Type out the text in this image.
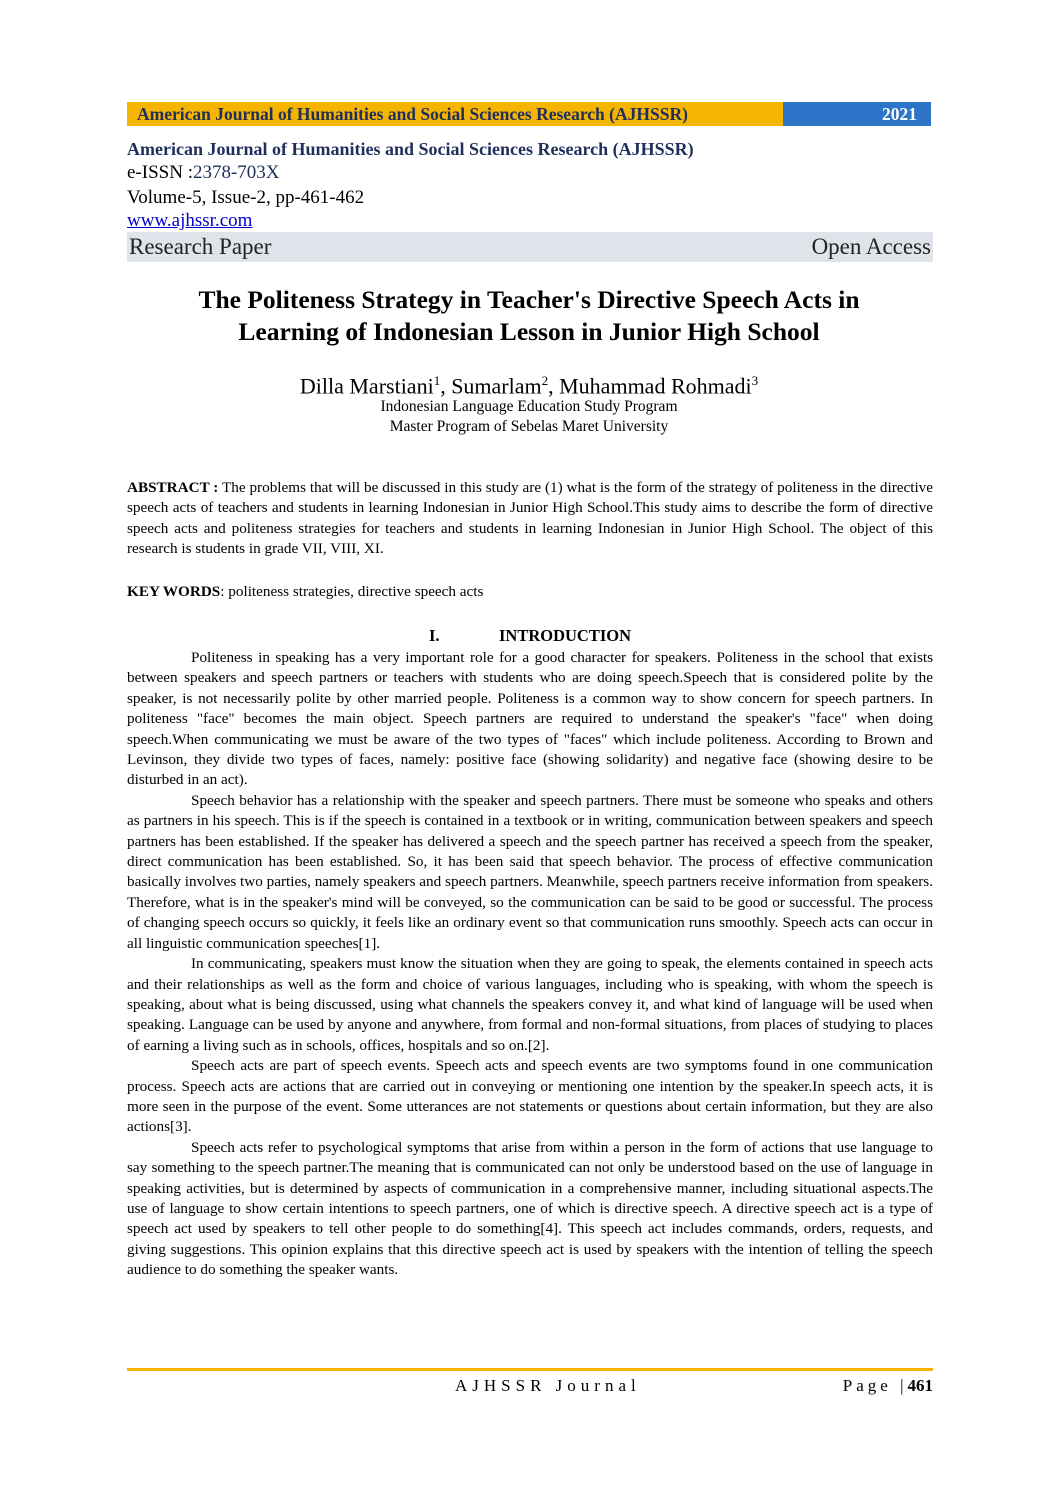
American Journal of Humanities and Social Sciences Research (AJHSSR)	2021
American Journal of Humanities and Social Sciences Research (AJHSSR)
e-ISSN :2378-703X
Volume-5, Issue-2, pp-461-462
www.ajhssr.com
Research Paper	Open Access
The Politeness Strategy in Teacher's Directive Speech Acts in
Learning of Indonesian Lesson in Junior High School
Dilla Marstiani$^1$, Sumarlam$^2$, Muhammad Rohmadi$^3$
Indonesian Language Education Study Program
Master Program of Sebelas Maret University
ABSTRACT : The problems that will be discussed in this study are (1) what is the form of the strategy of politeness in the directive speech acts of teachers and students in learning Indonesian in Junior High School.This study aims to describe the form of directive speech acts and politeness strategies for teachers and students in learning Indonesian in Junior High School. The object of this research is students in grade VII, VIII, XI.
KEY WORDS: politeness strategies, directive speech acts
I.	INTRODUCTION

Politeness in speaking has a very important role for a good character for speakers. Politeness in the school that exists between speakers and speech partners or teachers with students who are doing speech.Speech that is considered polite by the speaker, is not necessarily polite by other married people. Politeness is a common way to show concern for speech partners. In politeness "face" becomes the main object. Speech partners are required to understand the speaker's "face" when doing speech.When communicating we must be aware of the two types of "faces" which include politeness. According to Brown and Levinson, they divide two types of faces, namely: positive face (showing solidarity) and negative face (showing desire to be disturbed in an act).

Speech behavior has a relationship with the speaker and speech partners. There must be someone who speaks and others as partners in his speech. This is if the speech is contained in a textbook or in writing, communication between speakers and speech partners has been established. If the speaker has delivered a speech and the speech partner has received a speech from the speaker, direct communication has been established. So, it has been said that speech behavior. The process of effective communication basically involves two parties, namely speakers and speech partners. Meanwhile, speech partners receive information from speakers. Therefore, what is in the speaker's mind will be conveyed, so the communication can be said to be good or successful. The process of changing speech occurs so quickly, it feels like an ordinary event so that communication runs smoothly. Speech acts can occur in all linguistic communication speeches[1].

In communicating, speakers must know the situation when they are going to speak, the elements contained in speech acts and their relationships as well as the form and choice of various languages, including who is speaking, with whom the speech is speaking, about what is being discussed, using what channels the speakers convey it, and what kind of language will be used when speaking. Language can be used by anyone and anywhere, from formal and non-formal situations, from places of studying to places of earning a living such as in schools, offices, hospitals and so on.[2].

Speech acts are part of speech events. Speech acts and speech events are two symptoms found in one communication process. Speech acts are actions that are carried out in conveying or mentioning one intention by the speaker.In speech acts, it is more seen in the purpose of the event. Some utterances are not statements or questions about certain information, but they are also actions[3].

Speech acts refer to psychological symptoms that arise from within a person in the form of actions that use language to say something to the speech partner.The meaning that is communicated can not only be understood based on the use of language in speaking activities, but is determined by aspects of communication in a comprehensive manner, including situational aspects.The use of language to show certain intentions to speech partners, one of which is directive speech. A directive speech act is a type of speech act used by speakers to tell other people to do something[4]. This speech act includes commands, orders, requests, and giving suggestions. This opinion explains that this directive speech act is used by speakers with the intention of telling the speech audience to do something the speaker wants.

AJHSSR Journal	Page |461
